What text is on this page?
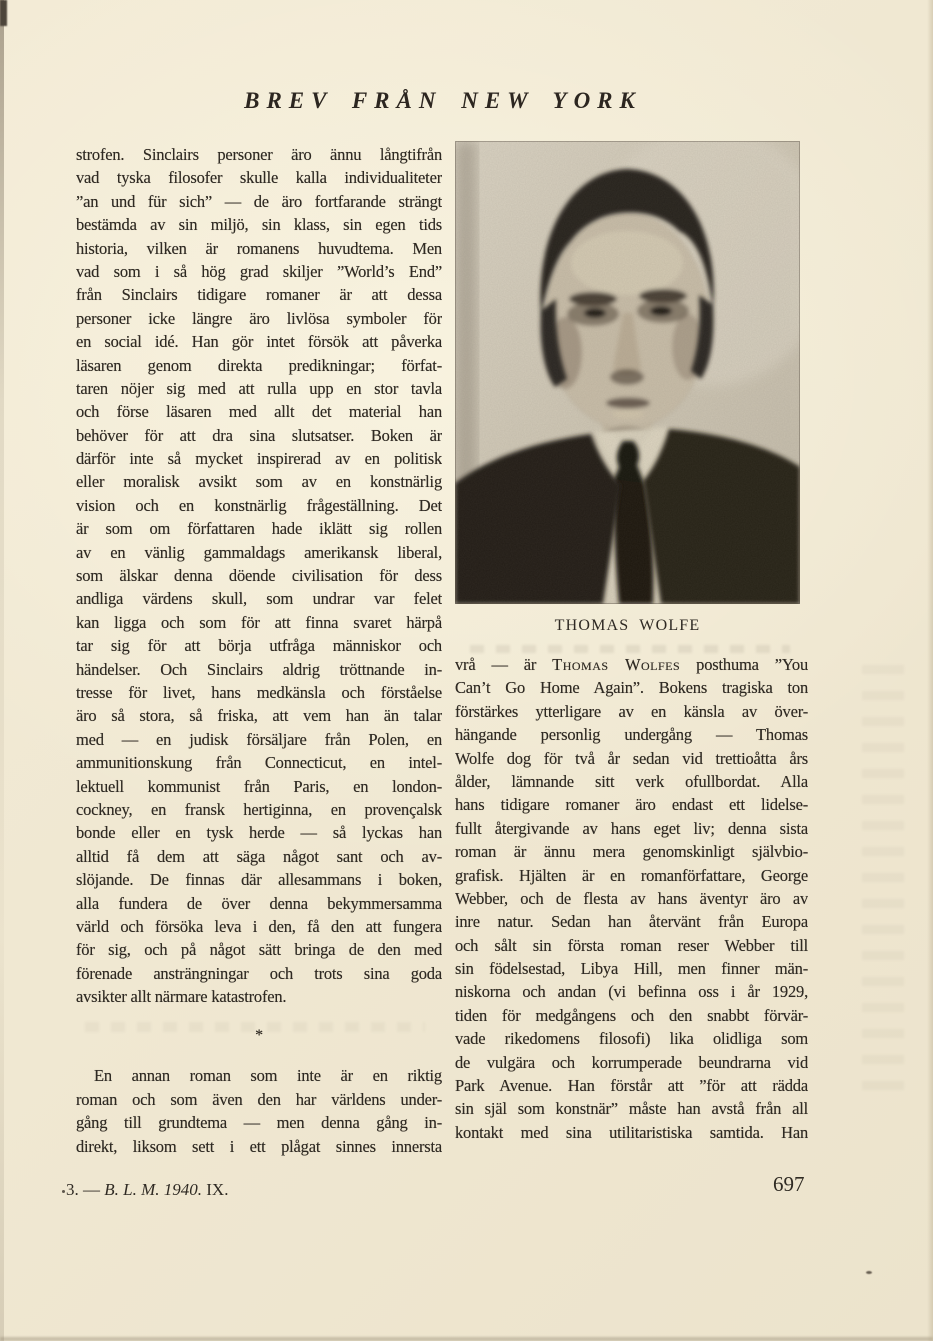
BREV FRÅN NEW YORK
strofen. Sinclairs personer äro ännu långtifrån
vad tyska filosofer skulle kalla individualiteter
”an und für sich” — de äro fortfarande strängt
bestämda av sin miljö, sin klass, sin egen tids
historia, vilken är romanens huvudtema. Men
vad som i så hög grad skiljer ”World’s End”
från Sinclairs tidigare romaner är att dessa
personer icke längre äro livlösa symboler för
en social idé. Han gör intet försök att påverka
läsaren genom direkta predikningar; förfat-
taren nöjer sig med att rulla upp en stor tavla
och förse läsaren med allt det material han
behöver för att dra sina slutsatser. Boken är
därför inte så mycket inspirerad av en politisk
eller moralisk avsikt som av en konstnärlig
vision och en konstnärlig frågeställning. Det
är som om författaren hade iklätt sig rollen
av en vänlig gammaldags amerikansk liberal,
som älskar denna döende civilisation för dess
andliga värdens skull, som undrar var felet
kan ligga och som för att finna svaret härpå
tar sig för att börja utfråga människor och
händelser. Och Sinclairs aldrig tröttnande in-
tresse för livet, hans medkänsla och förståelse
äro så stora, så friska, att vem han än talar
med — en judisk försäljare från Polen, en
ammunitionskung från Connecticut, en intel-
lektuell kommunist från Paris, en london-
cockney, en fransk hertiginna, en provençalsk
bonde eller en tysk herde — så lyckas han
alltid få dem att säga något sant och av-
slöjande. De finnas där allesammans i boken,
alla fundera de över denna bekymmersamma
värld och försöka leva i den, få den att fungera
för sig, och på något sätt bringa de den med
förenade ansträngningar och trots sina goda
avsikter allt närmare katastrofen.
*
En annan roman som inte är en riktig
roman och som även den har världens under-
gång till grundtema — men denna gång in-
direkt, liksom sett i ett plågat sinnes innersta
THOMAS WOLFE
vrå — är Thomas Wolfes posthuma ”You
Can’t Go Home Again”. Bokens tragiska ton
förstärkes ytterligare av en känsla av över-
hängande personlig undergång — Thomas
Wolfe dog för två år sedan vid trettioåtta års
ålder, lämnande sitt verk ofullbordat. Alla
hans tidigare romaner äro endast ett lidelse-
fullt återgivande av hans eget liv; denna sista
roman är ännu mera genomskinligt självbio-
grafisk. Hjälten är en romanförfattare, George
Webber, och de flesta av hans äventyr äro av
inre natur. Sedan han återvänt från Europa
och sålt sin första roman reser Webber till
sin födelsestad, Libya Hill, men finner män-
niskorna och andan (vi befinna oss i år 1929,
tiden för medgångens och den snabbt förvär-
vade rikedomens filosofi) lika olidliga som
de vulgära och korrumperade beundrarna vid
Park Avenue. Han förstår att ”för att rädda
sin själ som konstnär” måste han avstå från all
kontakt med sina utilitaristiska samtida. Han
3. — B. L. M. 1940. IX.	697
